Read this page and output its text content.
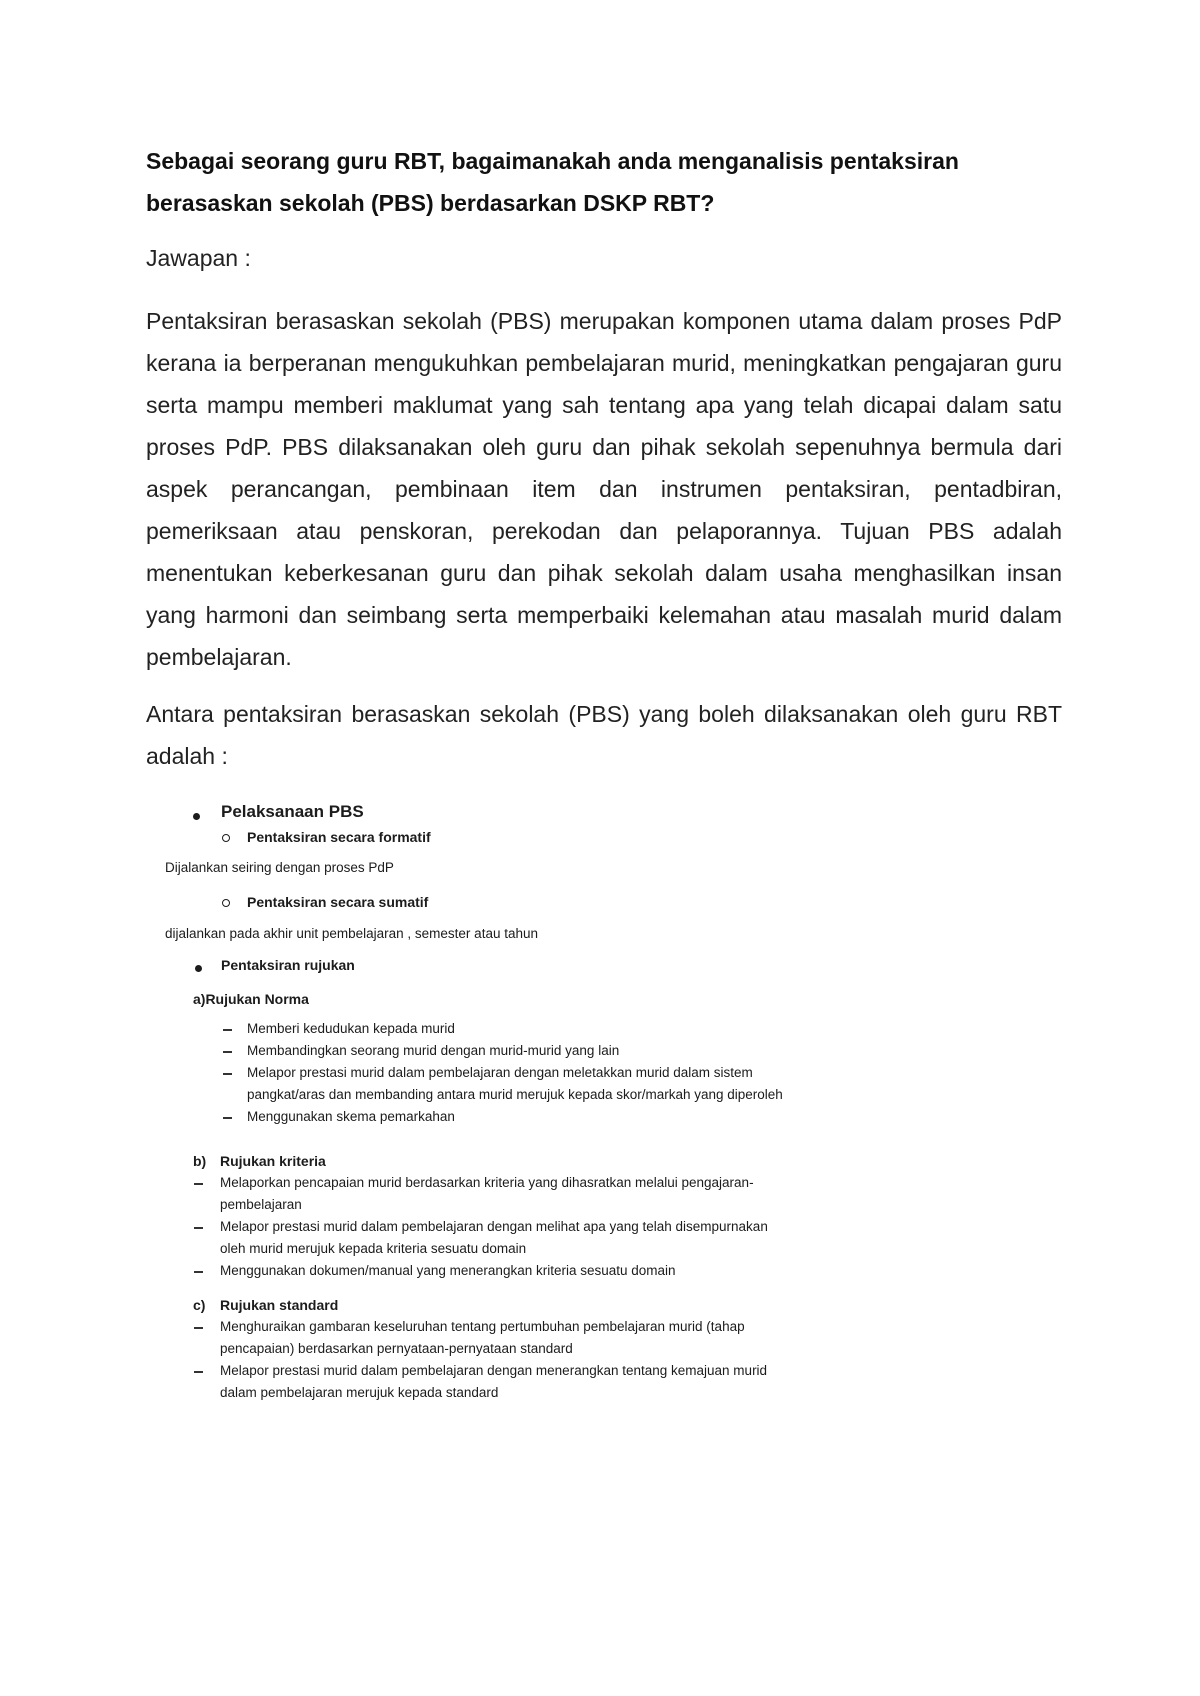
Sebagai seorang guru RBT, bagaimanakah anda menganalisis pentaksiran
berasaskan sekolah (PBS) berdasarkan DSKP RBT?
Jawapan :

Pentaksiran berasaskan sekolah (PBS) merupakan komponen utama dalam proses PdP kerana ia berperanan mengukuhkan pembelajaran murid, meningkatkan pengajaran guru serta mampu memberi maklumat yang sah tentang apa yang telah dicapai dalam satu proses PdP. PBS dilaksanakan oleh guru dan pihak sekolah sepenuhnya bermula dari aspek perancangan, pembinaan item dan instrumen pentaksiran, pentadbiran, pemeriksaan atau penskoran, perekodan dan pelaporannya. Tujuan PBS adalah menentukan keberkesanan guru dan pihak sekolah dalam usaha menghasilkan insan yang harmoni dan seimbang serta memperbaiki kelemahan atau masalah murid dalam pembelajaran.

Antara pentaksiran berasaskan sekolah (PBS) yang boleh dilaksanakan oleh guru RBT adalah :

Pelaksanaan PBS
Pentaksiran secara formatif
Dijalankan seiring dengan proses PdP
Pentaksiran secara sumatif
dijalankan pada akhir unit pembelajaran , semester atau tahun
Pentaksiran rujukan
a)Rujukan Norma
Memberi kedudukan kepada murid
Membandingkan seorang murid dengan murid-murid yang lain
Melapor prestasi murid dalam pembelajaran dengan meletakkan murid dalam sistem
pangkat/aras dan membanding antara murid merujuk kepada skor/markah yang diperoleh
Menggunakan skema pemarkahan
b) Rujukan kriteria
Melaporkan pencapaian murid berdasarkan kriteria yang dihasratkan melalui pengajaran-
pembelajaran
Melapor prestasi murid dalam pembelajaran dengan melihat apa yang telah disempurnakan
oleh murid merujuk kepada kriteria sesuatu domain
Menggunakan dokumen/manual yang menerangkan kriteria sesuatu domain
c) Rujukan standard
Menghuraikan gambaran keseluruhan tentang pertumbuhan pembelajaran murid (tahap
pencapaian) berdasarkan pernyataan-pernyataan standard
Melapor prestasi murid dalam pembelajaran dengan menerangkan tentang kemajuan murid
dalam pembelajaran merujuk kepada standard
